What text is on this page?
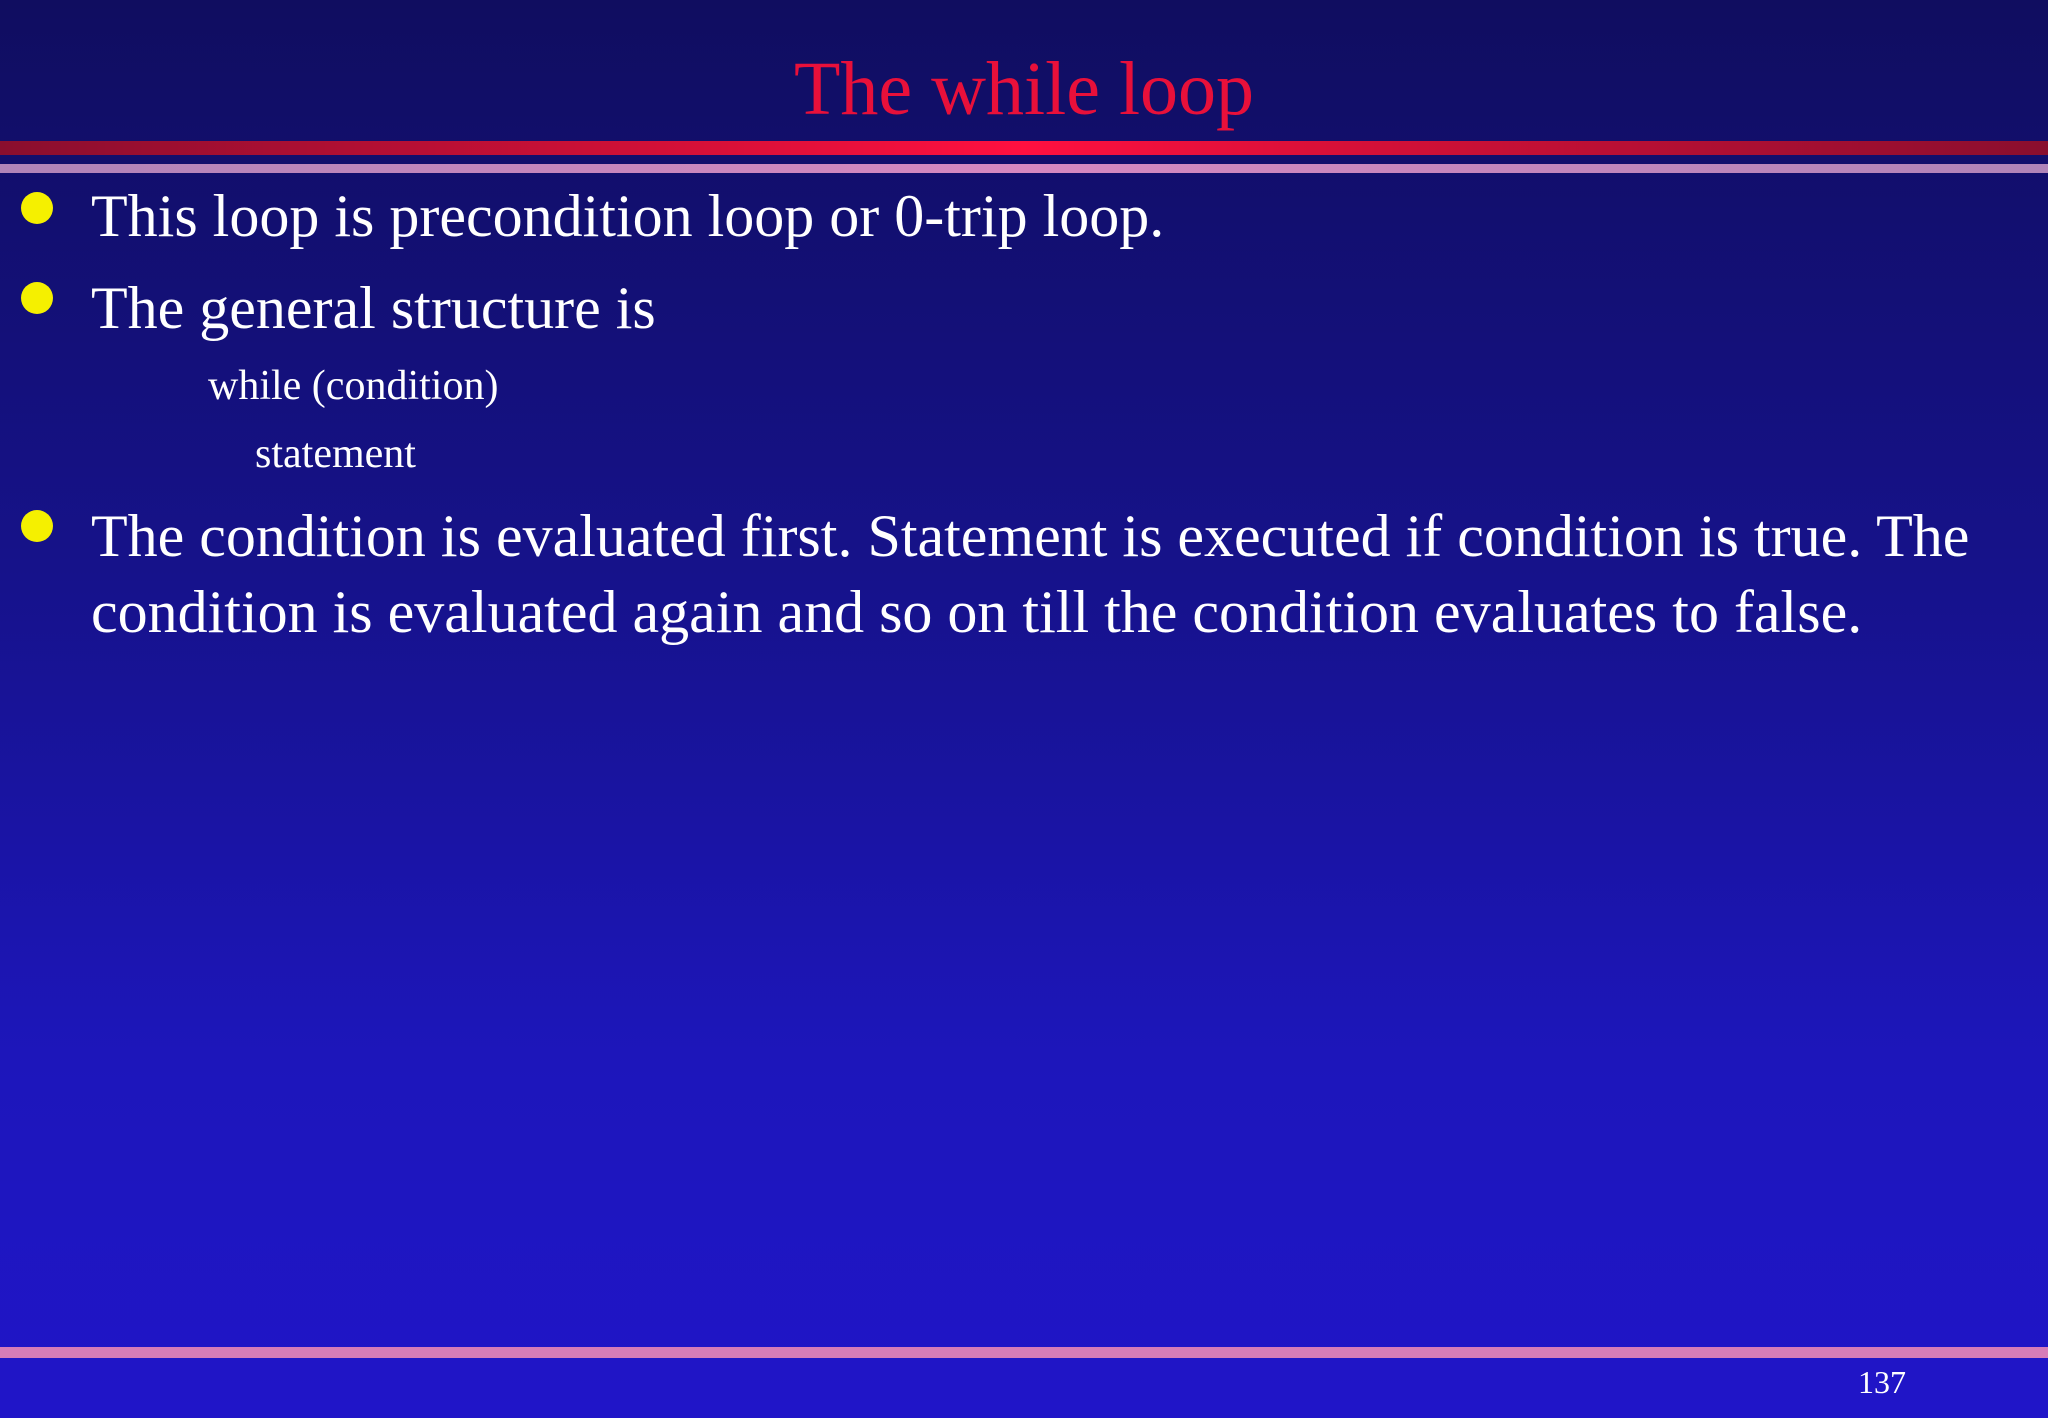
The while loop
This loop is precondition loop or 0-trip loop.
The general structure is
while (condition)
statement
The condition is evaluated first. Statement is executed if condition is true. The condition is evaluated again and so on till the condition evaluates to false.
137
